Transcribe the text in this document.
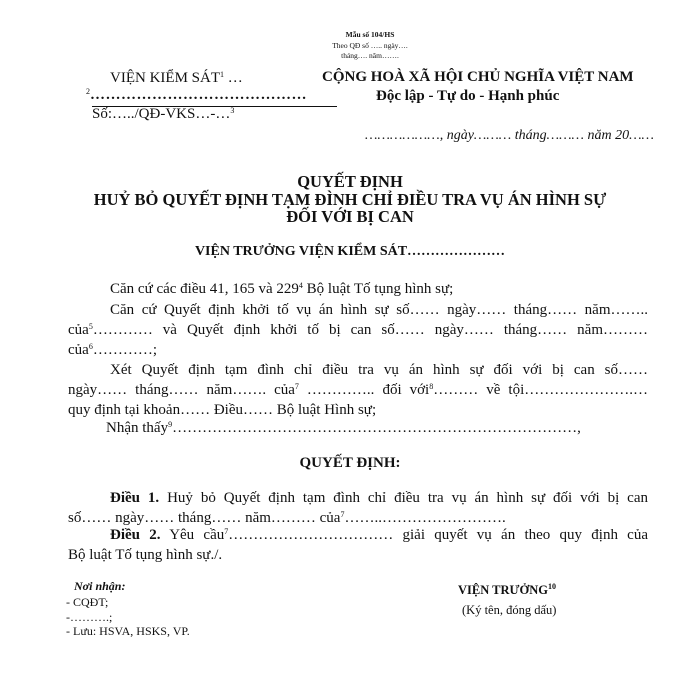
Mẫu số 104/HS
Theo QĐ số ….. ngày….
tháng…. năm…….
VIỆN KIỂM SÁT$^1$ …
$^2$……………………………………
Số:…../QĐ-VKS…-…$^3$
CỘNG HOÀ XÃ HỘI CHỦ NGHĨA VIỆT NAM
Độc lập - Tự do - Hạnh phúc
………………, ngày……… tháng……… năm 20……
QUYẾT ĐỊNH
HUỶ BỎ QUYẾT ĐỊNH TẠM ĐÌNH CHỈ ĐIỀU TRA VỤ ÁN HÌNH SỰ
ĐỐI VỚI BỊ CAN
VIỆN TRƯỞNG VIỆN KIỂM SÁT…………………
Căn cứ các điều 41, 165 và $229^4$ Bộ luật Tố tụng hình sự;
Căn cứ Quyết định khởi tố vụ án hình sự số…… ngày…… tháng…… năm……..
của$^5$………… và Quyết định khởi tố bị can số…… ngày…… tháng…… năm………
của$^6$…………;
Xét Quyết định tạm đình chỉ điều tra vụ án hình sự đối với bị can số……
ngày…… tháng…… năm……. của$^7$ ………….. đối với$^8$……… về tội………………….…
quy định tại khoản…… Điều…… Bộ luật Hình sự;
Nhận thấy$^9$………………………………………………………………………,
QUYẾT ĐỊNH:
Điều 1. Huỷ bỏ Quyết định tạm đình chỉ điều tra vụ án hình sự đối với bị can
số…… ngày…… tháng…… năm……… của$^7$……..…………………….
Điều 2. Yêu cầu$^7$…………………………… giải quyết vụ án theo quy định của
Bộ luật Tố tụng hình sự./.
Nơi nhận:
- CQĐT;
-……….;
- Lưu: HSVA, HSKS, VP.
VIỆN TRƯỞNG$^{10}$
(Ký tên, đóng dấu)
